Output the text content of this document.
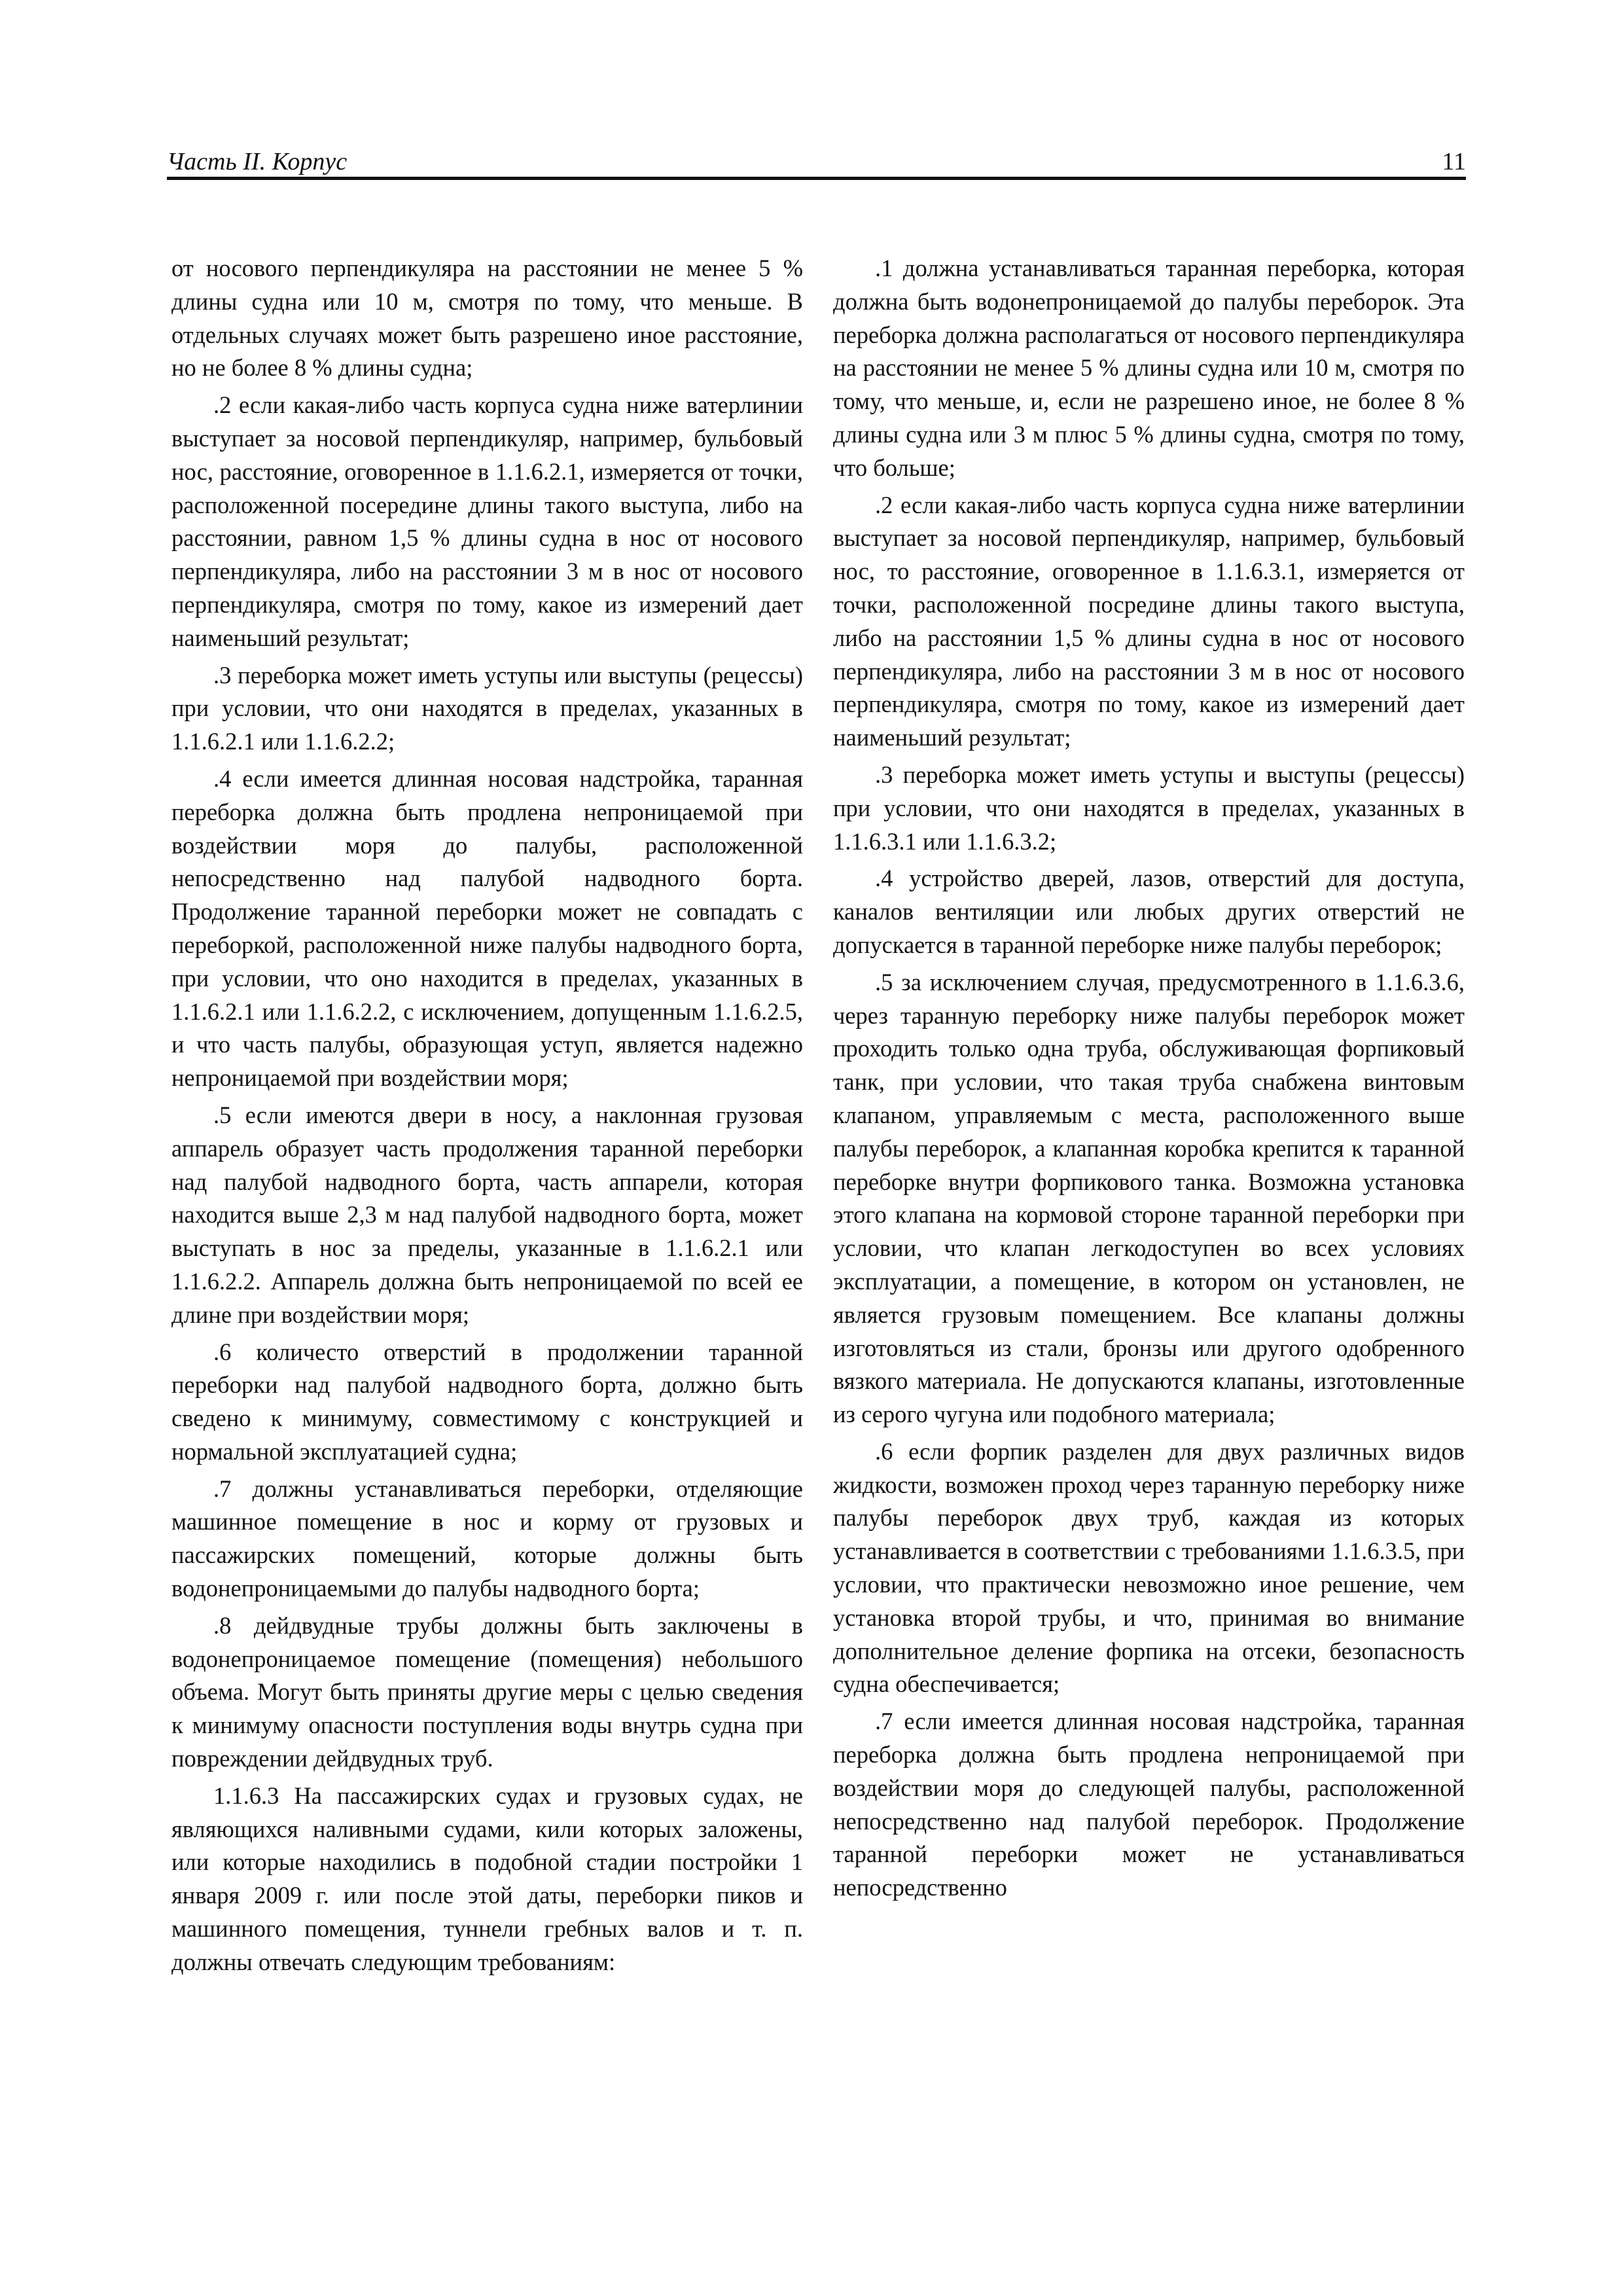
Часть II. Корпус	11

от носового перпендикуляра на расстоянии не менее 5 % длины судна или 10 м, смотря по тому, что меньше. В отдельных случаях может быть разрешено иное расстояние, но не более 8 % длины судна;

.2 если какая-либо часть корпуса судна ниже ватерлинии выступает за носовой перпендикуляр, например, бульбовый нос, расстояние, оговоренное в 1.1.6.2.1, измеряется от точки, расположенной посередине длины такого выступа, либо на расстоянии, равном 1,5 % длины судна в нос от носового перпендикуляра, либо на расстоянии 3 м в нос от носового перпендикуляра, смотря по тому, какое из измерений дает наименьший результат;

.3 переборка может иметь уступы или выступы (рецессы) при условии, что они находятся в пределах, указанных в 1.1.6.2.1 или 1.1.6.2.2;

.4 если имеется длинная носовая надстройка, таранная переборка должна быть продлена непроницаемой при воздействии моря до палубы, расположенной непосредственно над палубой надводного борта. Продолжение таранной переборки может не совпадать с переборкой, расположенной ниже палубы надводного борта, при условии, что оно находится в пределах, указанных в 1.1.6.2.1 или 1.1.6.2.2, с исключением, допущенным 1.1.6.2.5, и что часть палубы, образующая уступ, является надежно непроницаемой при воздействии моря;

.5 если имеются двери в носу, а наклонная грузовая аппарель образует часть продолжения таранной переборки над палубой надводного борта, часть аппарели, которая находится выше 2,3 м над палубой надводного борта, может выступать в нос за пределы, указанные в 1.1.6.2.1 или 1.1.6.2.2. Аппарель должна быть непроницаемой по всей ее длине при воздействии моря;

.6 количесто отверстий в продолжении таранной переборки над палубой надводного борта, должно быть сведено к минимуму, совместимому с конструкцией и нормальной эксплуатацией судна;

.7 должны устанавливаться переборки, отделяющие машинное помещение в нос и корму от грузовых и пассажирских помещений, которые должны быть водонепроницаемыми до палубы надводного борта;

.8 дейдвудные трубы должны быть заключены в водонепроницаемое помещение (помещения) небольшого объема. Могут быть приняты другие меры с целью сведения к минимуму опасности поступления воды внутрь судна при повреждении дейдвудных труб.

1.1.6.3 На пассажирских судах и грузовых судах, не являющихся наливными судами, кили которых заложены, или которые находились в подобной стадии постройки 1 января 2009 г. или после этой даты, переборки пиков и машинного помещения, туннели гребных валов и т. п. должны отвечать следующим требованиям:

.1 должна устанавливаться таранная переборка, которая должна быть водонепроницаемой до палубы переборок. Эта переборка должна располагаться от носового перпендикуляра на расстоянии не менее 5 % длины судна или 10 м, смотря по тому, что меньше, и, если не разрешено иное, не более 8 % длины судна или 3 м плюс 5 % длины судна, смотря по тому, что больше;

.2 если какая-либо часть корпуса судна ниже ватерлинии выступает за носовой перпендикуляр, например, бульбовый нос, то расстояние, оговоренное в 1.1.6.3.1, измеряется от точки, расположенной посредине длины такого выступа, либо на расстоянии 1,5 % длины судна в нос от носового перпендикуляра, либо на расстоянии 3 м в нос от носового перпендикуляра, смотря по тому, какое из измерений дает наименьший результат;

.3 переборка может иметь уступы и выступы (рецессы) при условии, что они находятся в пределах, указанных в 1.1.6.3.1 или 1.1.6.3.2;

.4 устройство дверей, лазов, отверстий для доступа, каналов вентиляции или любых других отверстий не допускается в таранной переборке ниже палубы переборок;

.5 за исключением случая, предусмотренного в 1.1.6.3.6, через таранную переборку ниже палубы переборок может проходить только одна труба, обслуживающая форпиковый танк, при условии, что такая труба снабжена винтовым клапаном, управляемым с места, расположенного выше палубы переборок, а клапанная коробка крепится к таранной переборке внутри форпикового танка. Возможна установка этого клапана на кормовой стороне таранной переборки при условии, что клапан легкодоступен во всех условиях эксплуатации, а помещение, в котором он установлен, не является грузовым помещением. Все клапаны должны изготовляться из стали, бронзы или другого одобренного вязкого материала. Не допускаются клапаны, изготовленные из серого чугуна или подобного материала;

.6 если форпик разделен для двух различных видов жидкости, возможен проход через таранную переборку ниже палубы переборок двух труб, каждая из которых устанавливается в соответствии с требованиями 1.1.6.3.5, при условии, что практически невозможно иное решение, чем установка второй трубы, и что, принимая во внимание дополнительное деление форпика на отсеки, безопасность судна обеспечивается;

.7 если имеется длинная носовая надстройка, таранная переборка должна быть продлена непроницаемой при воздействии моря до следующей палубы, расположенной непосредственно над палубой переборок. Продолжение таранной переборки может не устанавливаться непосредственно
